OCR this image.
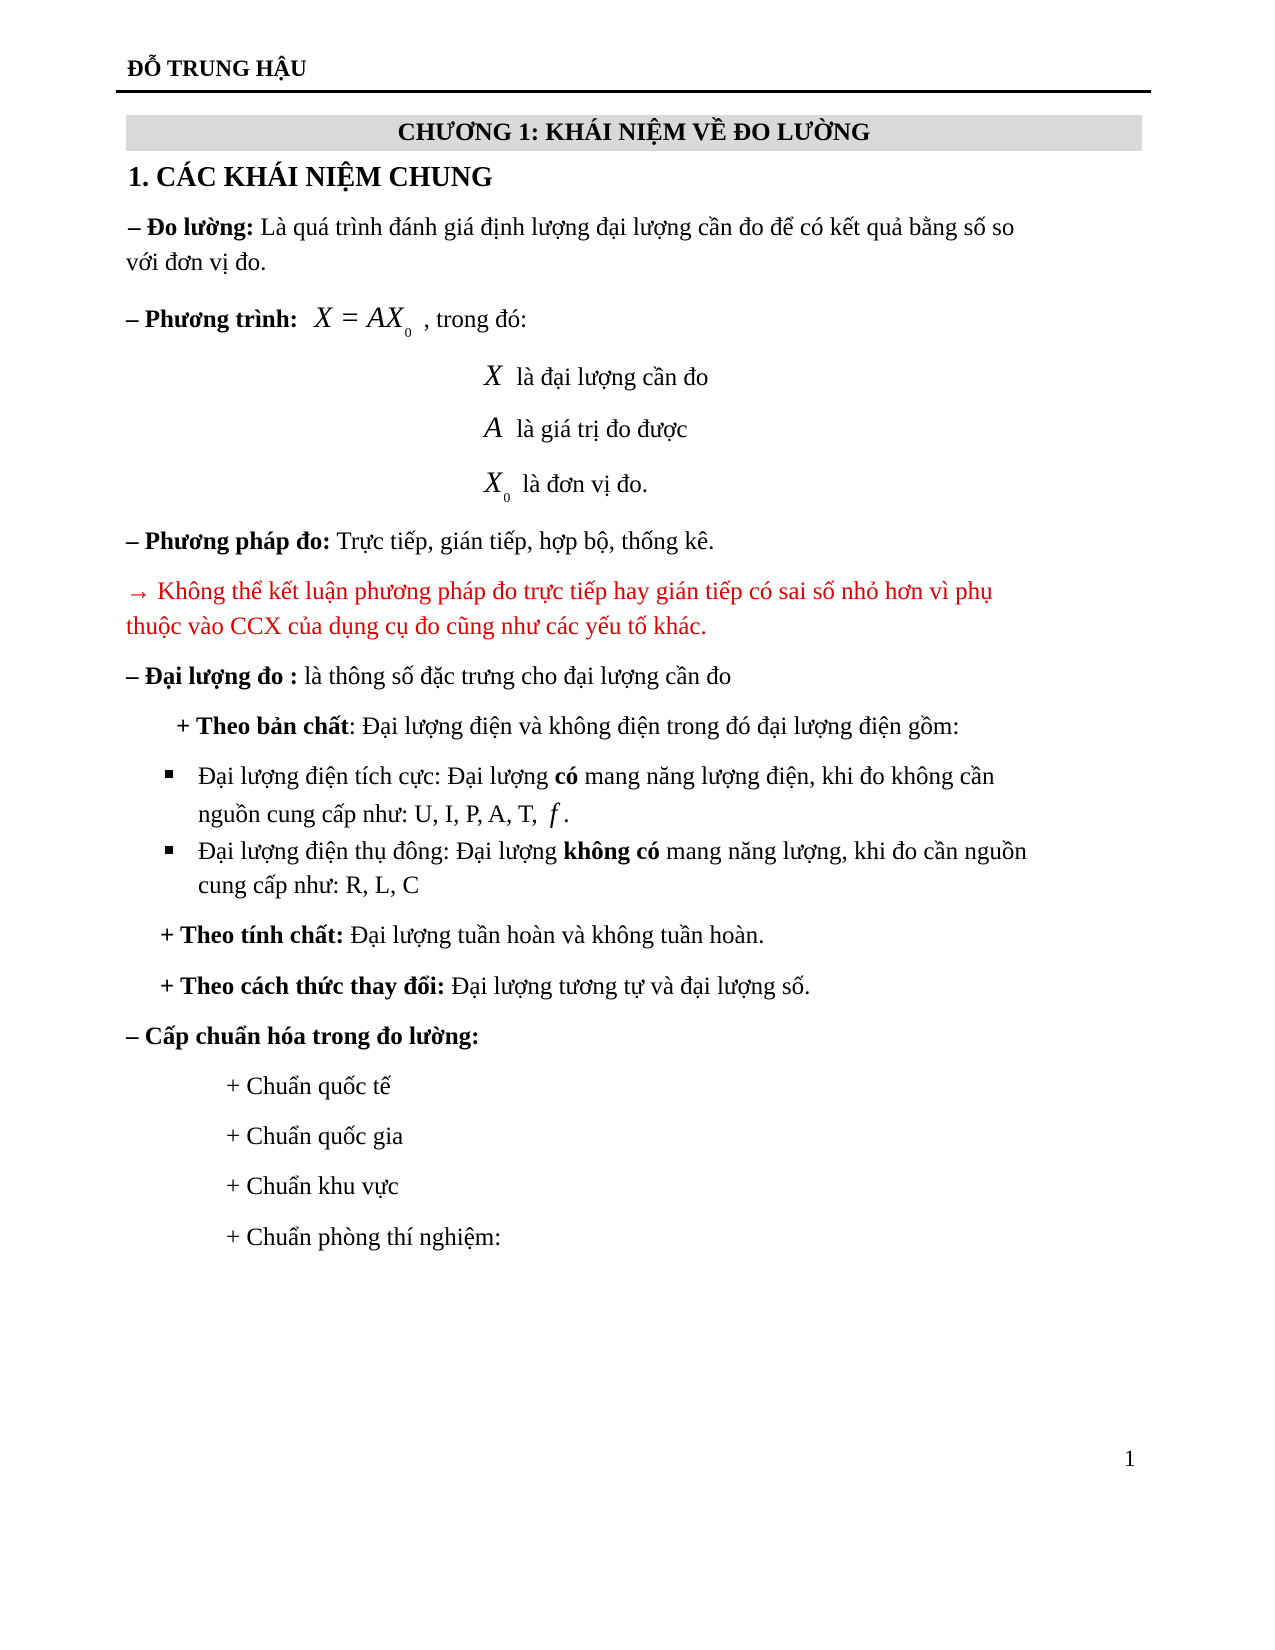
ĐỖ TRUNG HẬU
CHƯƠNG 1: KHÁI NIỆM VỀ ĐO LƯỜNG
1. CÁC KHÁI NIỆM CHUNG
– Đo lường: Là quá trình đánh giá định lượng đại lượng cần đo để có kết quả bằng số so
với đơn vị đo.
– Phương trình: $X = AX_0$, trong đó:
X là đại lượng cần đo
A là giá trị đo được
$X_0là$ đơn vị đo.
– Phương pháp đo: Trực tiếp, gián tiếp, hợp bộ, thống kê.
→ Không thể kết luận phương pháp đo trực tiếp hay gián tiếp có sai số nhỏ hơn vì phụ
thuộc vào CCX của dụng cụ đo cũng như các yếu tố khác.
– Đại lượng đo : là thông số đặc trưng cho đại lượng cần đo
+ Theo bản chất: Đại lượng điện và không điện trong đó đại lượng điện gồm:
Đại lượng điện tích cực: Đại lượng có mang năng lượng điện, khi đo không cần
nguồn cung cấp như: U, I, P, A, T, f .
Đại lượng điện thụ đông: Đại lượng không có mang năng lượng, khi đo cần nguồn
cung cấp như: R, L, C
+ Theo tính chất: Đại lượng tuần hoàn và không tuần hoàn.
+ Theo cách thức thay đổi: Đại lượng tương tự và đại lượng số.
– Cấp chuẩn hóa trong đo lường:
+ Chuẩn quốc tế
+ Chuẩn quốc gia
+ Chuẩn khu vực
+ Chuẩn phòng thí nghiệm:
1
